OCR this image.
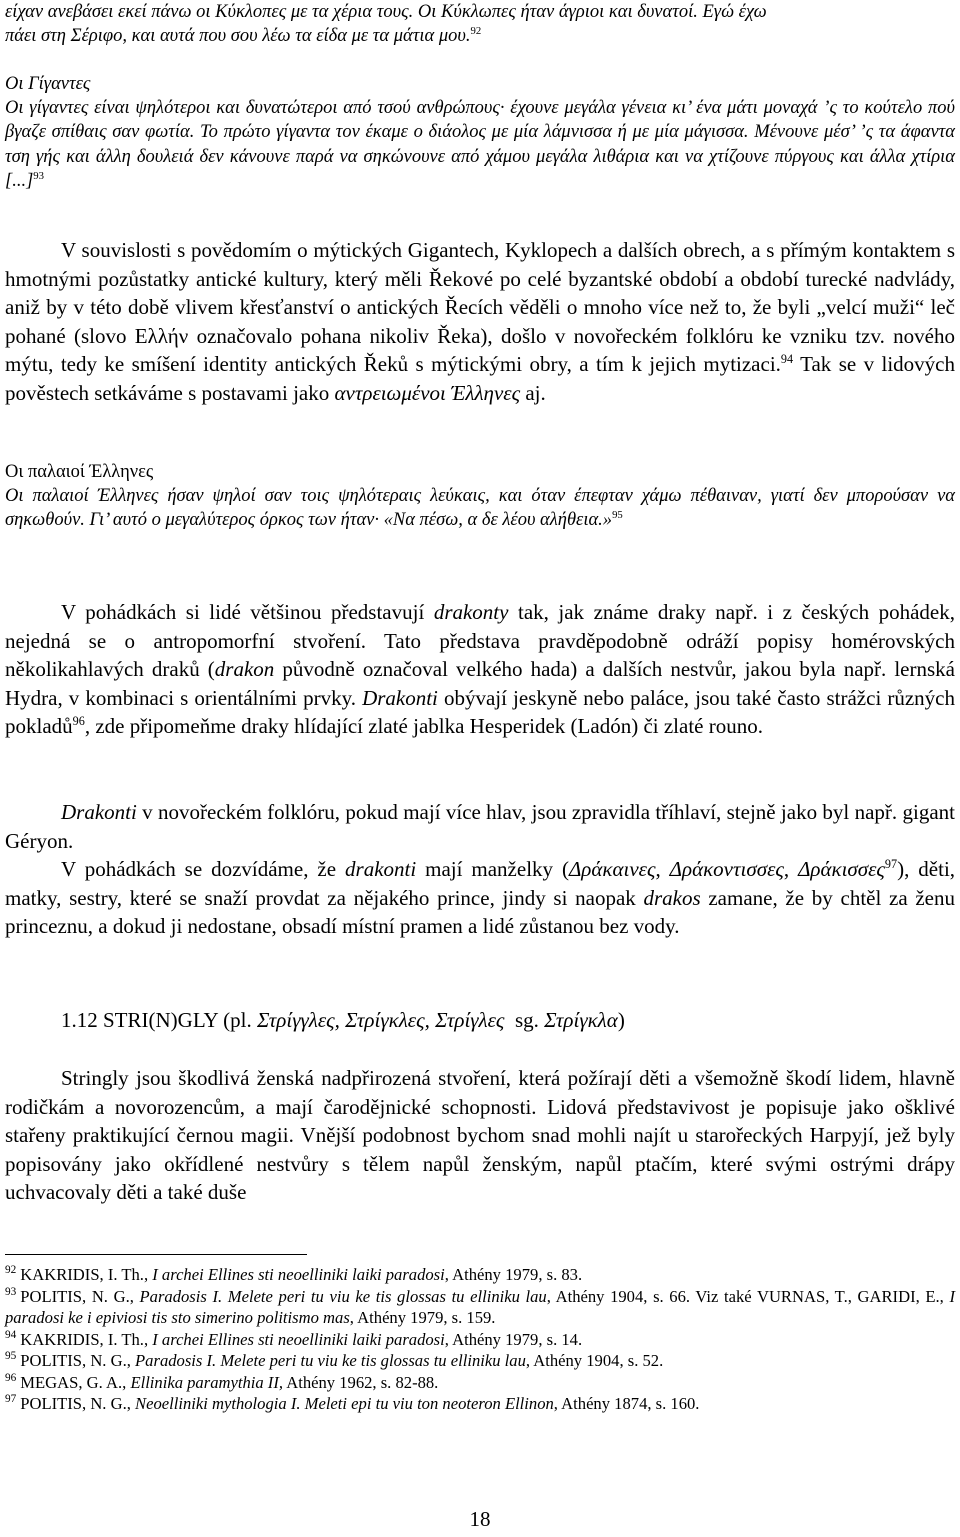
είχαν ανεβάσει εκεί πάνω οι Κύκλοπες με τα χέρια τους. Οι Κύκλωπες ήταν άγριοι και δυνατοί. Εγώ έχω
πάει στη Σέριφο, και αυτά που σου λέω τα είδα με τα μάτια μου.$^{92}$
Οι Γίγαντες
Οι γίγαντες είναι ψηλότεροι και δυνατώτεροι από τσού ανθρώπους· έχουνε μεγάλα γένεια κι’ ένα μάτι μοναχά ’ς το κούτελο πού βγαζε σπίθαις σαν φωτία. Το πρώτο γίγαντα τον έκαμε ο διάολος με μία λάμνισσα ή με μία μάγισσα. Μένουνε μέσ’ ’ς τα άφαντα τση γής και άλλη δουλειά δεν κάνουνε παρά να σηκώνουνε από χάμου μεγάλα λιθάρια και να χτίζουνε πύργους και άλλα χτίρια [...]$^{93}$

V souvislosti s povědomím o mýtických Gigantech, Kyklopech a dalších obrech, a s přímým kontaktem s hmotnými pozůstatky antické kultury, který měli Řekové po celé byzantské období a období turecké nadvlády, aniž by v této době vlivem křesťanství o antických Řecích věděli o mnoho více než to, že byli „velcí muži“ leč pohané (slovo Ελλήν označovalo pohana nikoliv Řeka), došlo v novořeckém folklóru ke vzniku tzv. nového mýtu, tedy ke smíšení identity antických Řeků s mýtickými obry, a tím k jejich mytizaci.$^{94}$ Tak se v lidových pověstech setkáváme s postavami jako αντρειωμένοι Έλληνες aj.

Οι παλαιοί Έλληνες
Οι παλαιοί Έλληνες ήσαν ψηλοί σαν τοις ψηλότεραις λεύκαις, και όταν έπεφταν χάμω πέθαιναν, γιατί δεν μπορούσαν να σηκωθούν. Γι’ αυτό ο μεγαλύτερος όρκος των ήταν· «Να πέσω, α δε λέου αλήθεια.»$^{95}$

V pohádkách si lidé většinou představují drakonty tak, jak známe draky např. i z českých pohádek, nejedná se o antropomorfní stvoření. Tato představa pravděpodobně odráží popisy homérovských několikahlavých draků (drakon původně označoval velkého hada) a dalších nestvůr, jakou byla např. lernská Hydra, v kombinaci s orientálními prvky. Drakonti obývají jeskyně nebo paláce, jsou také často strážci různých pokladů$^{96}$, zde připomeňme draky hlídající zlaté jablka Hesperidek (Ladón) či zlaté rouno.

Drakonti v novořeckém folklóru, pokud mají více hlav, jsou zpravidla tříhlaví, stejně jako byl např. gigant Géryon.

V pohádkách se dozvídáme, že drakonti mají manželky (Δράκαινες, Δράκοντισσες, Δράκισσες$^{97}$), děti, matky, sestry, které se snaží provdat za nějakého prince, jindy si naopak drakos zamane, že by chtěl za ženu princeznu, a dokud ji nedostane, obsadí místní pramen a lidé zůstanou bez vody.

1.12 STRI(N)GLY (pl. Στρίγγλες, Στρίγκλες, Στρίγλες  sg. Στρίγκλα)

Stringly jsou škodlivá ženská nadpřirozená stvoření, která požírají děti a všemožně škodí lidem, hlavně rodičkám a novorozencům, a mají čarodějnické schopnosti. Lidová představivost je popisuje jako ošklivé stařeny praktikující černou magii. Vnější podobnost bychom snad mohli najít u starořeckých Harpyjí, jež byly popisovány jako okřídlené nestvůry s tělem napůl ženským, napůl ptačím, které svými ostrými drápy uchvacovaly děti a také duše

$^{92}$ KAKRIDIS, I. Th., I archei Ellines sti neoelliniki laiki paradosi, Athény 1979, s. 83.

$^{93}$ POLITIS, N. G., Paradosis I. Melete peri tu viu ke tis glossas tu elliniku lau, Athény 1904, s. 66. Viz také VURNAS, T., GARIDI, E., I paradosi ke i epiviosi tis sto simerino politismo mas, Athény 1979, s. 159.

$^{94}$ KAKRIDIS, I. Th., I archei Ellines sti neoelliniki laiki paradosi, Athény 1979, s. 14.

$^{95}$ POLITIS, N. G., Paradosis I. Melete peri tu viu ke tis glossas tu elliniku lau, Athény 1904, s. 52.

$^{96}$ MEGAS, G. A., Ellinika paramythia II, Athény 1962, s. 82-88.

$^{97}$ POLITIS, N. G., Neoelliniki mythologia I. Meleti epi tu viu ton neoteron Ellinon, Athény 1874, s. 160.

18
